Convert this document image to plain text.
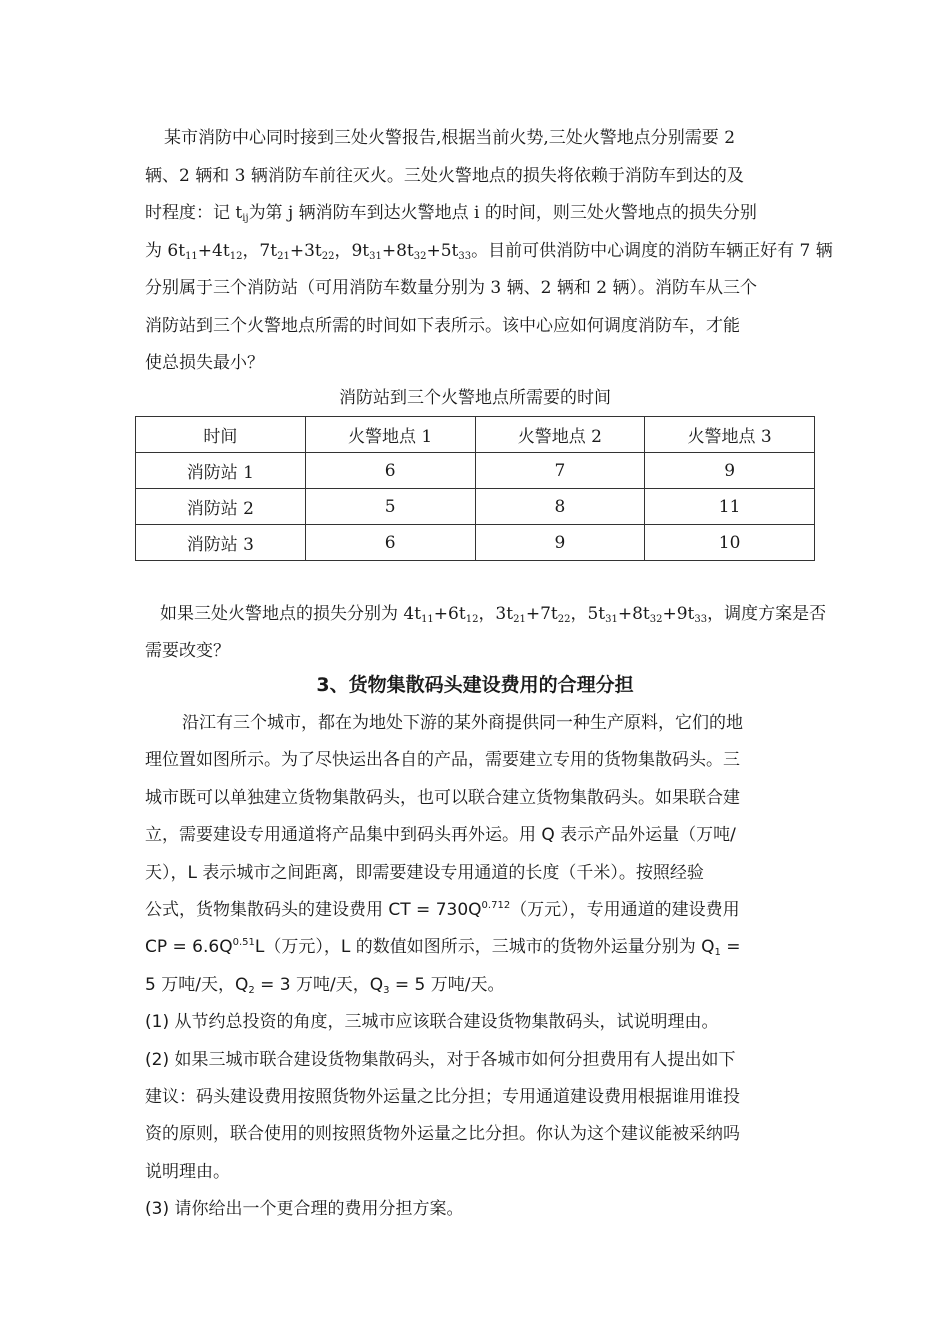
某市消防中心同时接到三处火警报告,根据当前火势,三处火警地点分别需要 2
辆、2 辆和 3 辆消防车前往灭火。三处火警地点的损失将依赖于消防车到达的及
时程度：记 $t_{ij}$为第 j 辆消防车到达火警地点 i 的时间，则三处火警地点的损失分别
为 $6t_{11}+4t_{12}$，$7t_{21}+3t_{22}$，$9t_{31}+8t_{32}+5t_{33}$。目前可供消防中心调度的消防车辆正好有 7 辆
分别属于三个消防站（可用消防车数量分别为 3 辆、2 辆和 2 辆）。消防车从三个
消防站到三个火警地点所需的时间如下表所示。该中心应如何调度消防车，才能
使总损失最小？
消防站到三个火警地点所需要的时间
时间	火警地点 1	火警地点 2	火警地点 3
消防站 1	6	7	9
消防站 2	5	8	11
消防站 3	6	9	10
如果三处火警地点的损失分别为 $4t_{11}+6t_{12}$，$3t_{21}+7t_{22}$，$5t_{31}+8t_{32}+9t_{33}$，调度方案是否
需要改变？
3、货物集散码头建设费用的合理分担
沿江有三个城市，都在为地处下游的某外商提供同一种生产原料，它们的地
理位置如图所示。为了尽快运出各自的产品，需要建立专用的货物集散码头。三
城市既可以单独建立货物集散码头，也可以联合建立货物集散码头。如果联合建
立，需要建设专用通道将产品集中到码头再外运。用 Q 表示产品外运量（万吨/
天），L 表示城市之间距离，即需要建设专用通道的长度（千米）。按照经验
公式，货物集散码头的建设费用 CT = $730Q^{0.712}$（万元），专用通道的建设费用
CP = $6.6Q^{0.51}L$（万元），L 的数值如图所示，三城市的货物外运量分别为 $Q_1$ =
5 万吨/天，$Q_2 = 3$ 万吨/天，$Q_3 = 5$ 万吨/天。
(1) 从节约总投资的角度，三城市应该联合建设货物集散码头，试说明理由。
(2) 如果三城市联合建设货物集散码头，对于各城市如何分担费用有人提出如下
建议：码头建设费用按照货物外运量之比分担；专用通道建设费用根据谁用谁投
资的原则，联合使用的则按照货物外运量之比分担。你认为这个建议能被采纳吗
说明理由。
(3) 请你给出一个更合理的费用分担方案。
